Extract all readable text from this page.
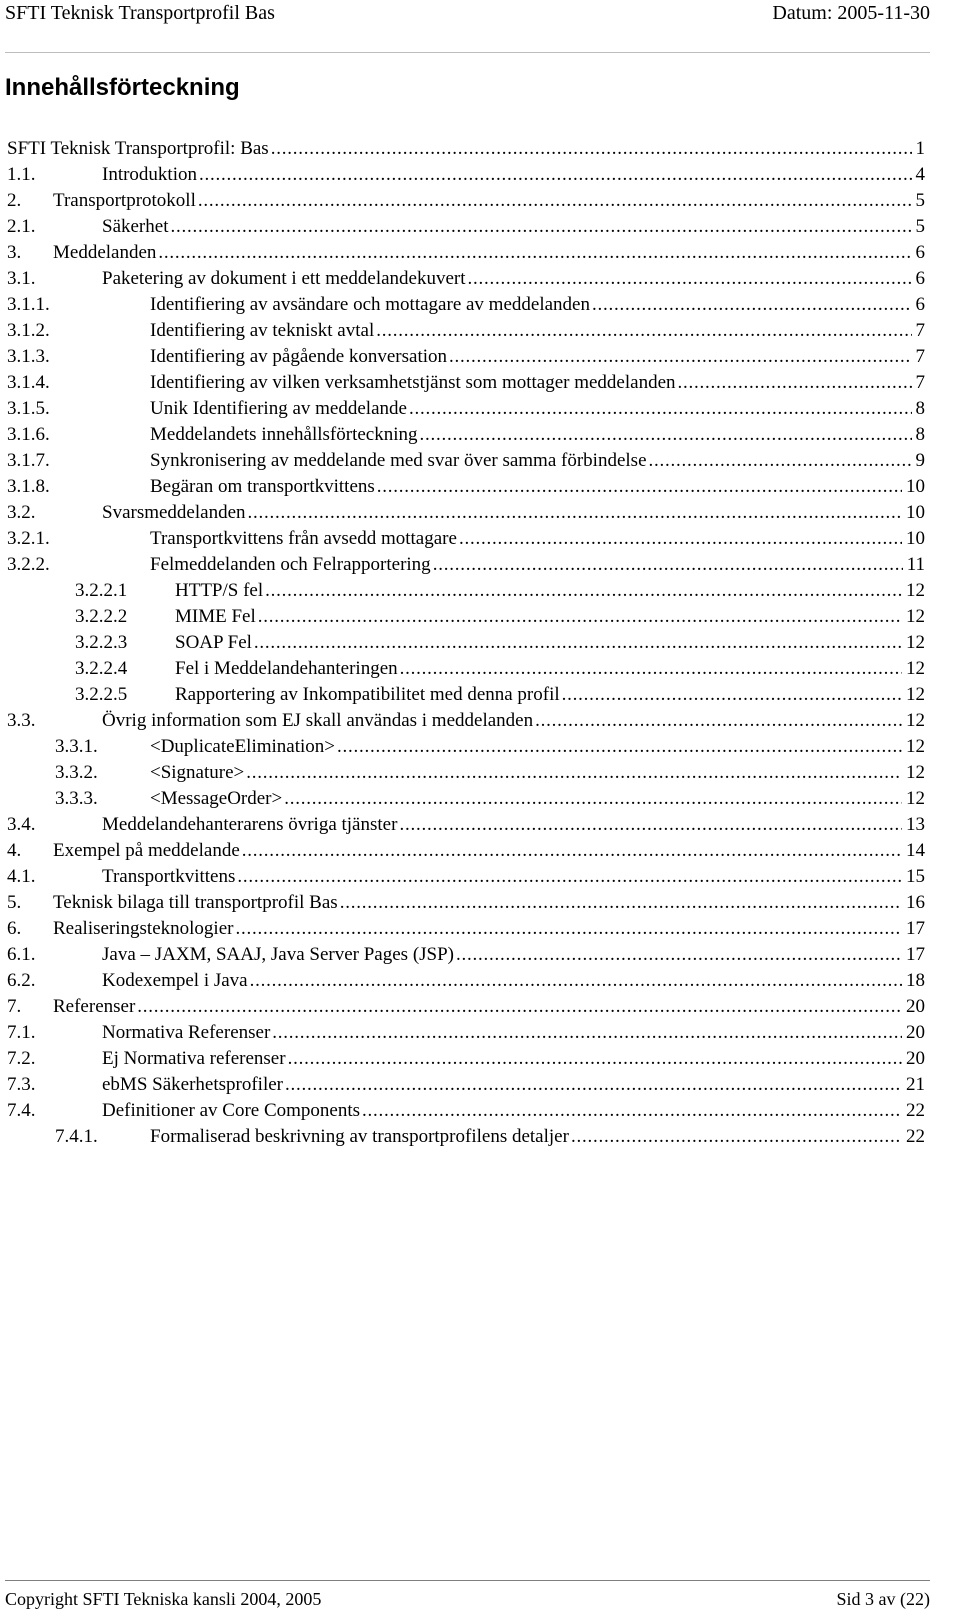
SFTI Teknisk Transportprofil Bas	Datum: 2005-11-30
Innehållsförteckning
SFTI Teknisk Transportprofil: Bas . . .	1
1.1.	Introduktion . . .	4
2.	Transportprotokoll . . .	5
2.1.	Säkerhet . . .	5
3.	Meddelanden . . .	6
3.1.	Paketering av dokument i ett meddelandekuvert . . .	6
3.1.1.	Identifiering av avsändare och mottagare av meddelanden . . .	6
3.1.2.	Identifiering av tekniskt avtal . . .	7
3.1.3.	Identifiering av pågående konversation . . .	7
3.1.4.	Identifiering av vilken verksamhetstjänst som mottager meddelanden . . .	7
3.1.5.	Unik Identifiering av meddelande . . .	8
3.1.6.	Meddelandets innehållsförteckning . . .	8
3.1.7.	Synkronisering av meddelande med svar över samma förbindelse . . .	9
3.1.8.	Begäran om transportkvittens . . .	10
3.2.	Svarsmeddelanden . . .	10
3.2.1.	Transportkvittens från avsedd mottagare . . .	10
3.2.2.	Felmeddelanden och Felrapportering . . .	11
3.2.2.1	HTTP/S fel . . .	12
3.2.2.2	MIME Fel . . .	12
3.2.2.3	SOAP Fel . . .	12
3.2.2.4	Fel i Meddelandehanteringen . . .	12
3.2.2.5	Rapportering av Inkompatibilitet med denna profil . . .	12
3.3.	Övrig information som EJ skall användas i meddelanden . . .	12
3.3.1.	<DuplicateElimination> . . .	12
3.3.2.	<Signature> . . .	12
3.3.3.	<MessageOrder> . . .	12
3.4.	Meddelandehanterarens övriga tjänster . . .	13
4.	Exempel på meddelande . . .	14
4.1.	Transportkvittens . . .	15
5.	Teknisk bilaga till transportprofil Bas . . .	16
6.	Realiseringsteknologier . . .	17
6.1.	Java – JAXM, SAAJ, Java Server Pages (JSP) . . .	17
6.2.	Kodexempel i Java . . .	18
7.	Referenser . . .	20
7.1.	Normativa Referenser . . .	20
7.2.	Ej Normativa referenser . . .	20
7.3.	ebMS Säkerhetsprofiler . . .	21
7.4.	Definitioner av Core Components . . .	22
7.4.1.	Formaliserad beskrivning av transportprofilens detaljer . . .	22
Copyright SFTI Tekniska kansli 2004, 2005	Sid 3 av (22)
